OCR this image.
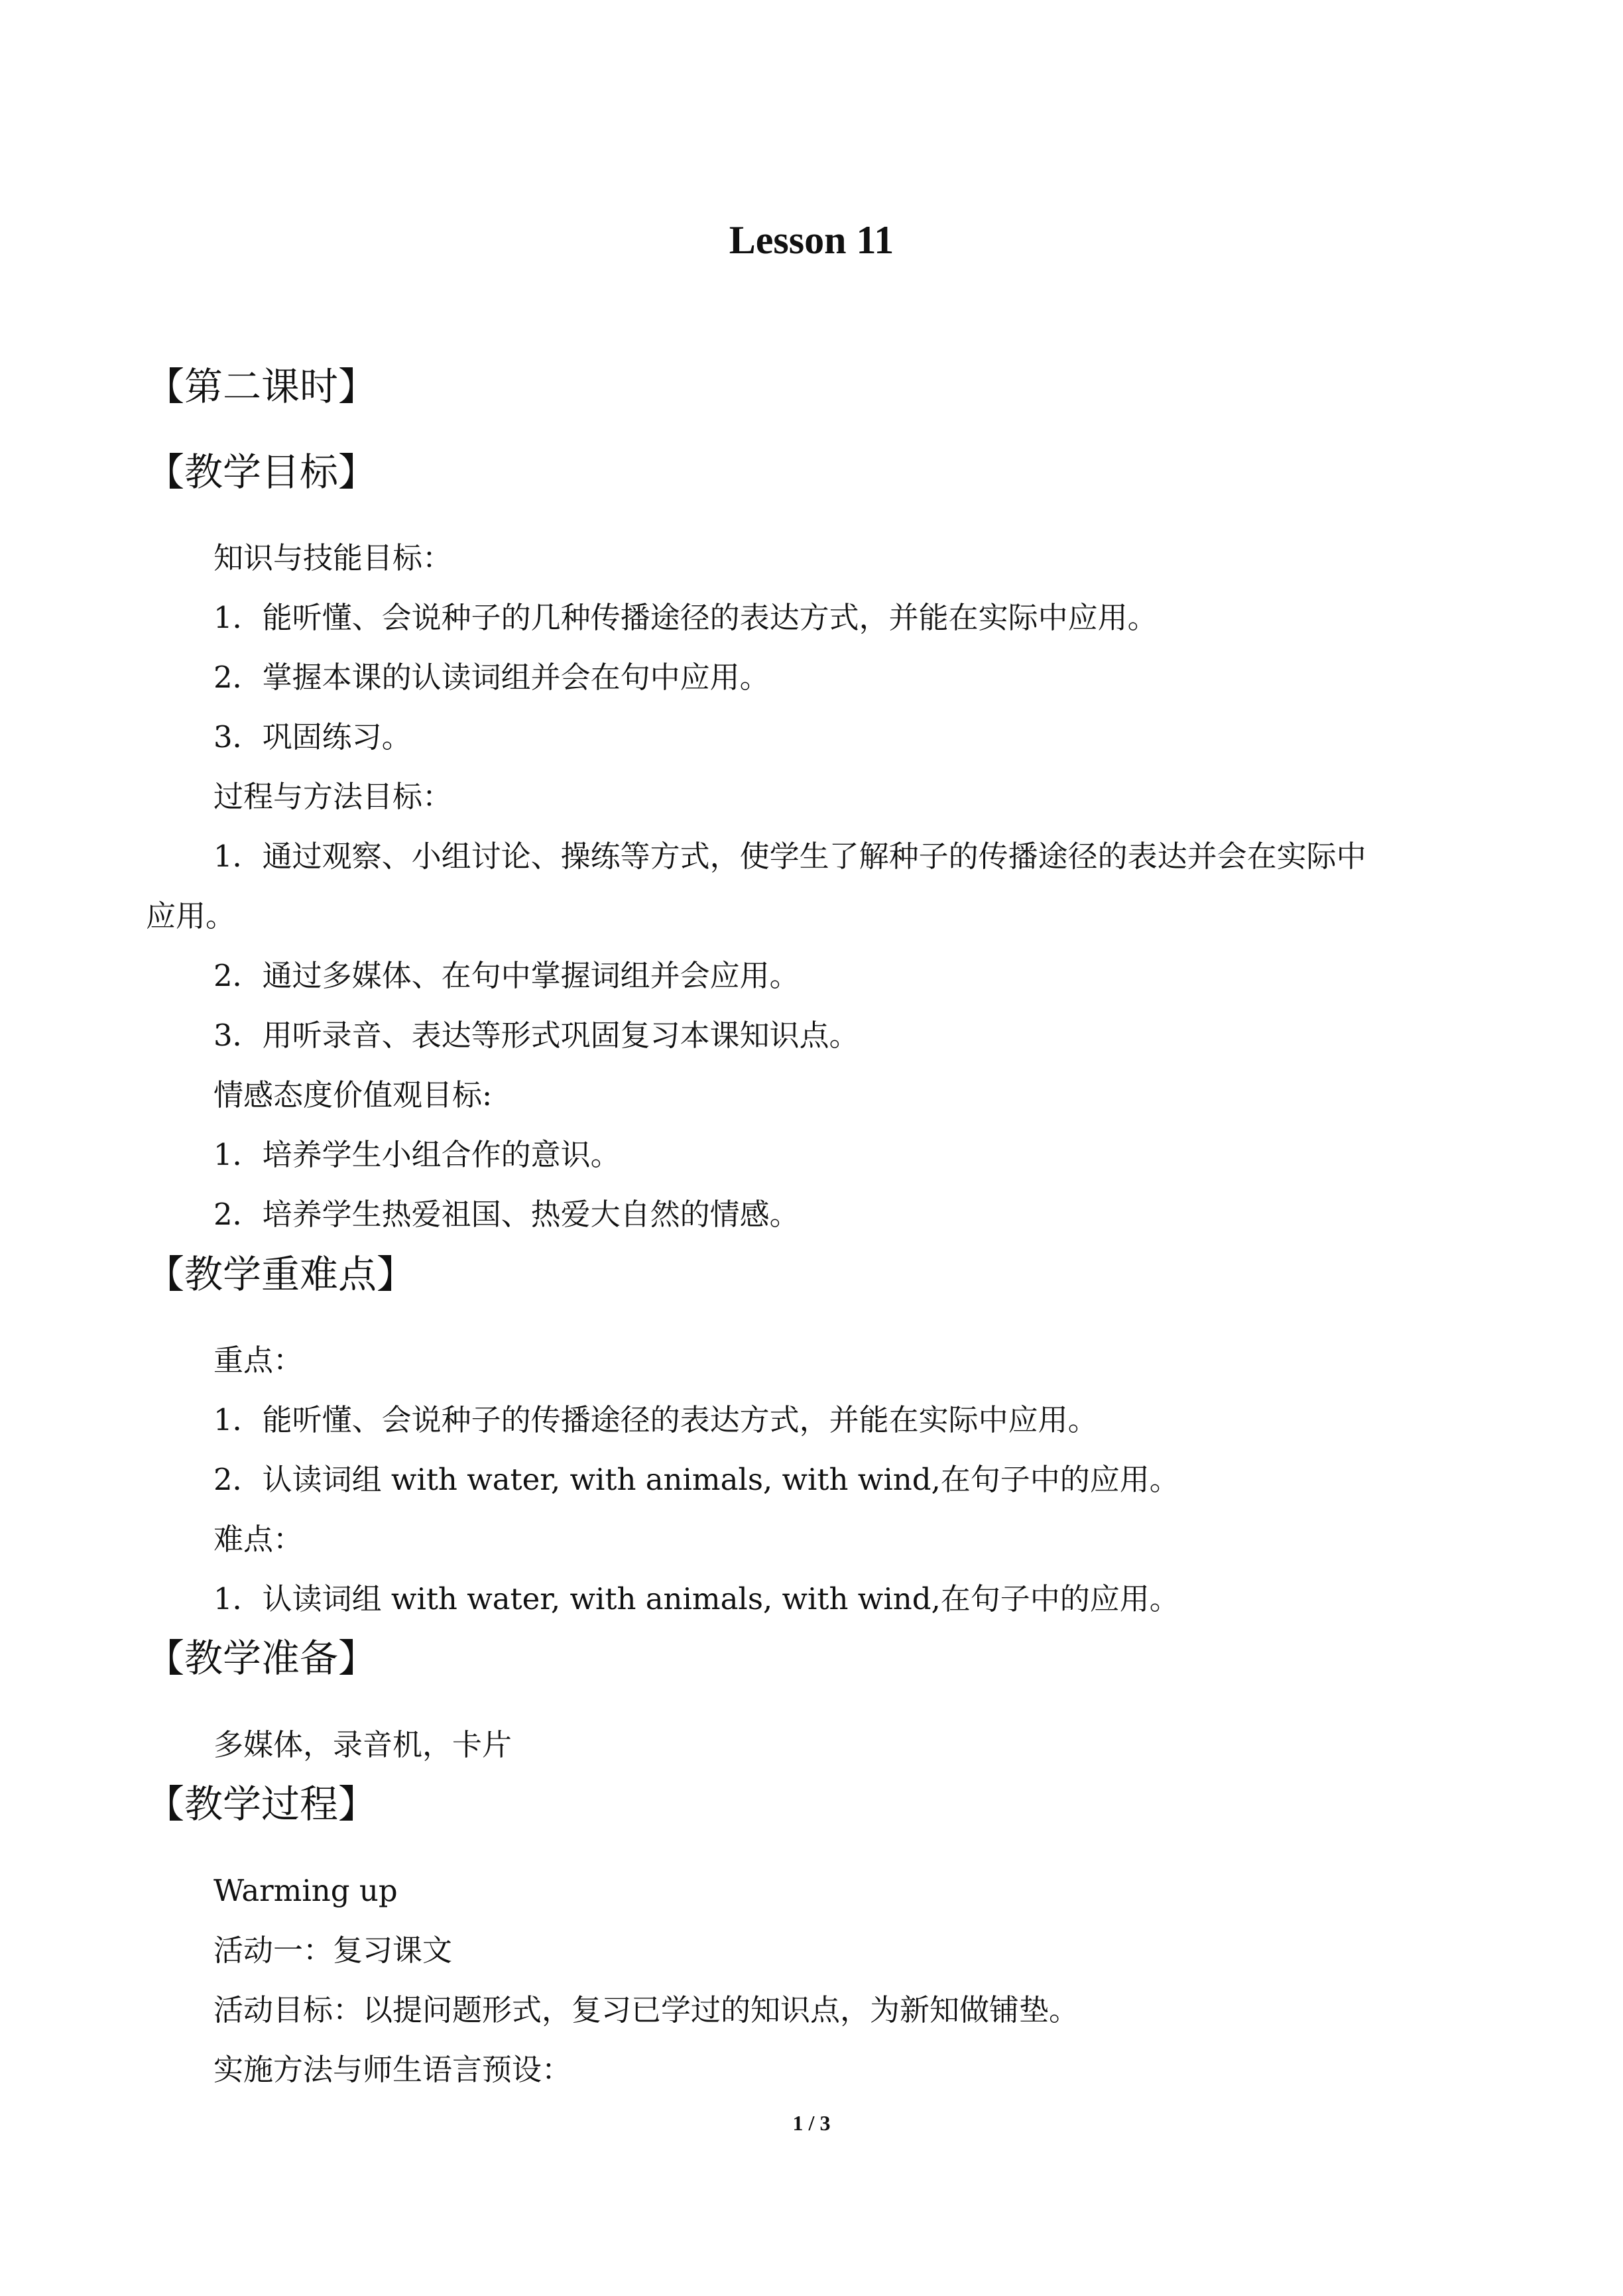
Lesson 11

【第二课时】

【教学目标】

知识与技能目标：

1．能听懂、会说种子的几种传播途径的表达方式，并能在实际中应用。

2．掌握本课的认读词组并会在句中应用。

3．巩固练习。

过程与方法目标：

1．通过观察、小组讨论、操练等方式，使学生了解种子的传播途径的表达并会在实际中

应用。

2．通过多媒体、在句中掌握词组并会应用。

3．用听录音、表达等形式巩固复习本课知识点。

情感态度价值观目标:

1．培养学生小组合作的意识。

2．培养学生热爱祖国、热爱大自然的情感。

【教学重难点】

重点：

1．能听懂、会说种子的传播途径的表达方式，并能在实际中应用。

2．认读词组 with water, with animals, with wind,在句子中的应用。

难点：

1．认读词组 with water, with animals, with wind,在句子中的应用。

【教学准备】

多媒体，录音机，卡片

【教学过程】

Warming up

活动一：复习课文

活动目标：以提问题形式，复习已学过的知识点，为新知做铺垫。

实施方法与师生语言预设：

1 / 3
